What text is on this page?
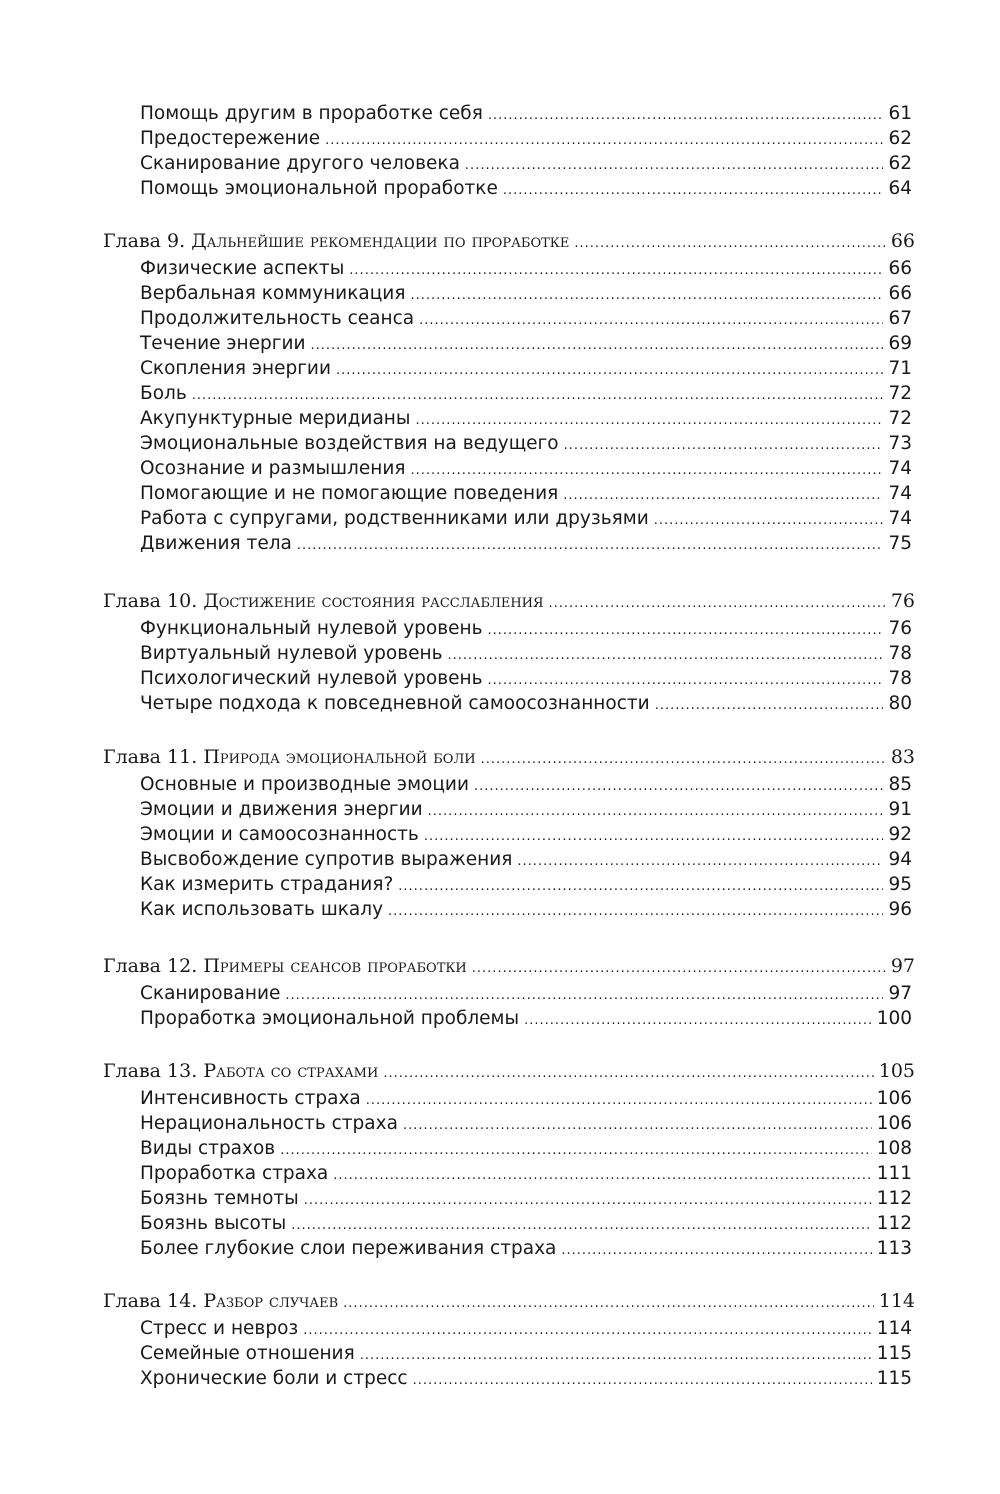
Помощь другим в проработке себя .....	61
Предостережение .....	62
Сканирование другого человека .....	62
Помощь эмоциональной проработке .....	64
Глава 9. Дальнейшие рекомендации по проработке .....	66
Физические аспекты .....	66
Вербальная коммуникация .....	66
Продолжительность сеанса .....	67
Течение энергии .....	69
Скопления энергии .....	71
Боль .....	72
Акупунктурные меридианы .....	72
Эмоциональные воздействия на ведущего .....	73
Осознание и размышления .....	74
Помогающие и не помогающие поведения .....	74
Работа с супругами, родственниками или друзьями .....	74
Движения тела .....	75
Глава 10. Достижение состояния расслабления .....	76
Функциональный нулевой уровень .....	76
Виртуальный нулевой уровень .....	78
Психологический нулевой уровень .....	78
Четыре подхода к повседневной самоосознанности .....	80
Глава 11. Природа эмоциональной боли .....	83
Основные и производные эмоции .....	85
Эмоции и движения энергии .....	91
Эмоции и самоосознанность .....	92
Высвобождение супротив выражения .....	94
Как измерить страдания? .....	95
Как использовать шкалу .....	96
Глава 12. Примеры сеансов проработки .....	97
Сканирование .....	97
Проработка эмоциональной проблемы .....	100
Глава 13. Работа со страхами .....	105
Интенсивность страха .....	106
Нерациональность страха .....	106
Виды страхов .....	108
Проработка страха .....	111
Боязнь темноты .....	112
Боязнь высоты .....	112
Более глубокие слои переживания страха .....	113
Глава 14. Разбор случаев .....	114
Стресс и невроз .....	114
Семейные отношения .....	115
Хронические боли и стресс .....	115
